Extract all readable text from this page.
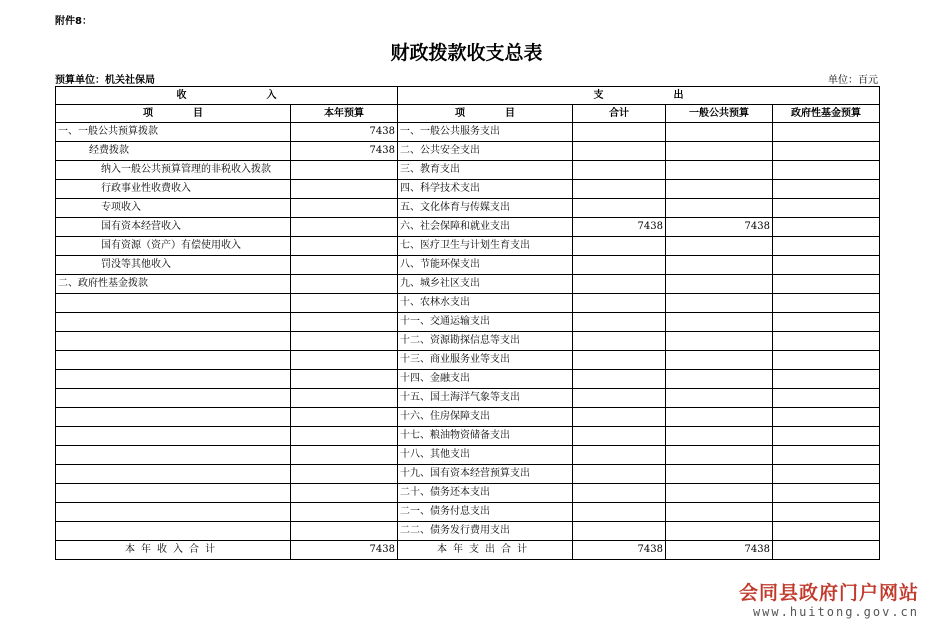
附件8：
财政拨款收支总表
预算单位：机关社保局	单位：百元
收　　　　　　　　入		支　　　　　　　出			
项　　　　目	本年预算	项　　　　目	合计	一般公共预算	政府性基金预算
一、一般公共预算拨款	7438	一、一般公共服务支出			
经费拨款	7438	二、公共安全支出			
纳入一般公共预算管理的非税收入拨款		三、教育支出			
行政事业性收费收入		四、科学技术支出			
专项收入		五、文化体育与传媒支出			
国有资本经营收入		六、社会保障和就业支出	7438	7438	
国有资源（资产）有偿使用收入		七、医疗卫生与计划生育支出			
罚没等其他收入		八、节能环保支出			
二、政府性基金拨款		九、城乡社区支出			
		十、农林水支出			
		十一、交通运输支出			
		十二、资源勘探信息等支出			
		十三、商业服务业等支出			
		十四、金融支出			
		十五、国土海洋气象等支出			
		十六、住房保障支出			
		十七、粮油物资储备支出			
		十八、其他支出			
		十九、国有资本经营预算支出			
		二十、债务还本支出			
		二一、债务付息支出			
		二二、债务发行费用支出			
本年收入合计	7438	本年支出合计	7438	7438	
会同县政府门户网站
www.huitong.gov.cn
